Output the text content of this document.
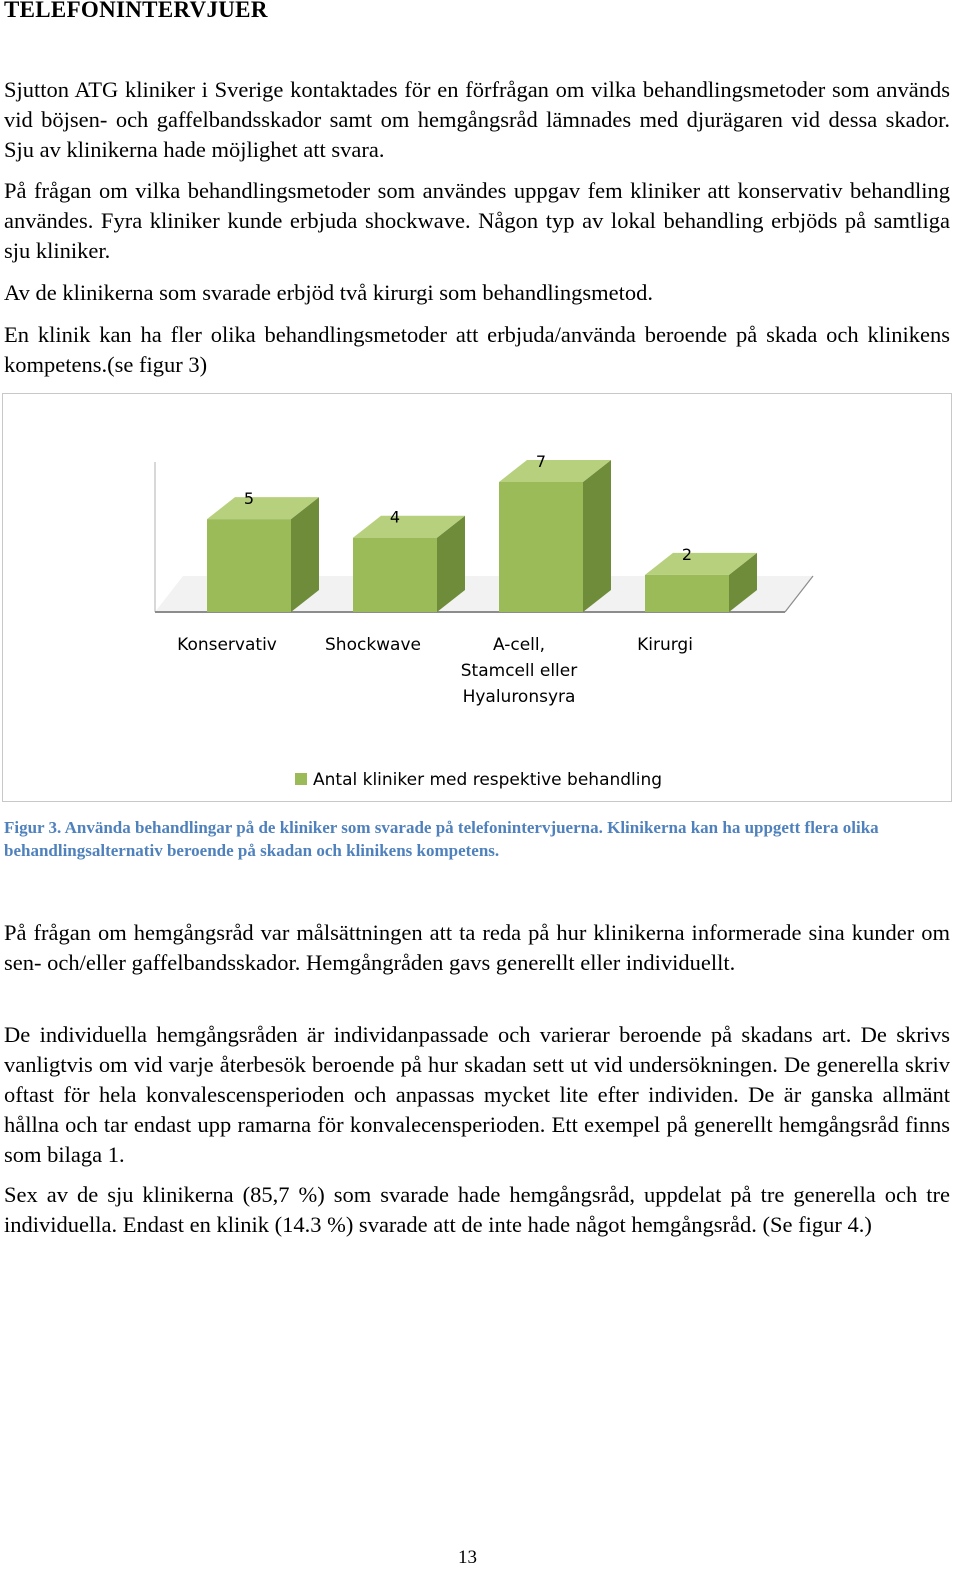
TELEFONINTERVJUER
Sjutton ATG kliniker i Sverige kontaktades för en förfrågan om vilka behandlingsmetoder som används vid böjsen- och gaffelbandsskador samt om hemgångsråd lämnades med djurägaren vid dessa skador. Sju av klinikerna hade möjlighet att svara.
På frågan om vilka behandlingsmetoder som användes uppgav fem kliniker att konservativ behandling användes. Fyra kliniker kunde erbjuda shockwave. Någon typ av lokal behandling erbjöds på samtliga sju kliniker.
Av de klinikerna som svarade erbjöd två kirurgi som behandlingsmetod.
En klinik kan ha fler olika behandlingsmetoder att erbjuda/använda beroende på skada och klinikens kompetens.(se figur 3)
5
4
7
2
Konservativ	Shockwave	A-cell,
Stamcell eller
Hyaluronsyra
Kirurgi
Antal kliniker med respektive behandling
Figur 3. Använda behandlingar på de kliniker som svarade på telefonintervjuerna. Klinikerna kan ha uppgett flera olika behandlingsalternativ beroende på skadan och klinikens kompetens.
På frågan om hemgångsråd var målsättningen att ta reda på hur klinikerna informerade sina kunder om sen- och/eller gaffelbandsskador. Hemgångråden gavs generellt eller individuellt.
De individuella hemgångsråden är individanpassade och varierar beroende på skadans art. De skrivs vanligtvis om vid varje återbesök beroende på hur skadan sett ut vid undersökningen. De generella skriv oftast för hela konvalescensperioden och anpassas mycket lite efter individen. De är ganska allmänt hållna och tar endast upp ramarna för konvalecensperioden. Ett exempel på generellt hemgångsråd finns som bilaga 1.
Sex av de sju klinikerna (85,7 %) som svarade hade hemgångsråd, uppdelat på tre generella och tre individuella. Endast en klinik (14.3 %) svarade att de inte hade något hemgångsråd. (Se figur 4.)
13
